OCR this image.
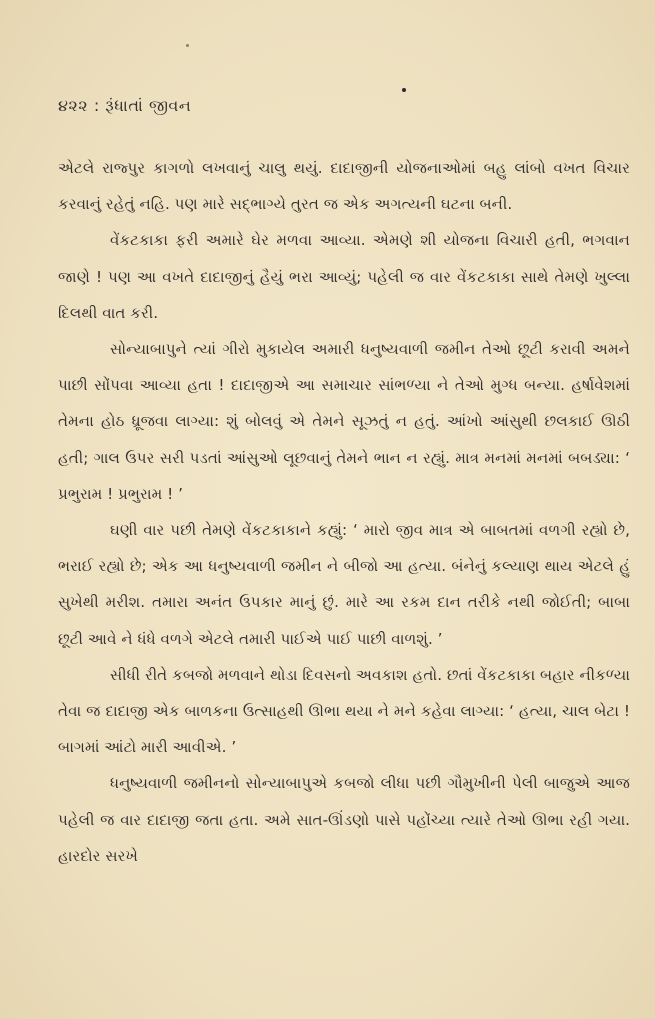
૪૨૨ : રૂંધાતાં જીવન

એટલે રાજ્પુર કાગળો લખવાનું ચાલુ થયું. દાદાજીની યોજનાઓમાં બહુ લાંબો વખત વિચાર કરવાનું રહેતું નહિ. પણ મારે સદ્ભાગ્યે તુરત જ એક અગત્યની ઘટના બની.

વેંકટકાકા ફરી અમારે ઘેર મળવા આવ્યા. એમણે શી યોજના વિચારી હતી, ભગવાન જાણે ! પણ આ વખતે દાદાજીનું હૈયું ભરા આવ્યું; પહેલી જ વાર વેંકટકાકા સાથે તેમણે ખુલ્લા દિલથી વાત કરી.

સોન્યાબાપુને ત્યાં ગીરો મુકાયેલ અમારી ધનુષ્યવાળી જમીન તેઓ છૂટી કરાવી અમને પાછી સોંપવા આવ્યા હતા ! દાદાજીએ આ સમાચાર સાંભળ્યા ને તેઓ મુગ્ધ બન્યા. હર્ષાવેશમાં તેમના હોઠ ધ્રૂજવા લાગ્યા: શું બોલવું એ તેમને સૂઝતું ન હતું. આંખો આંસુથી છલકાઈ ઊઠી હતી; ગાલ ઉપર સરી પડતાં આંસુઓ લૂછવાનું તેમને ભાન ન રહ્યું. માત્ર મનમાં મનમાં બબડ્યા: ‘ પ્રભુરામ ! પ્રભુરામ ! ’

ઘણી વાર પછી તેમણે વેંકટકાકાને કહ્યું: ‘ મારો જીવ માત્ર એ બાબતમાં વળગી રહ્યો છે, ભરાઈ રહ્યો છે; એક આ ધનુષ્યવાળી જમીન ને બીજો આ હત્યા. બંનેનું કલ્યાણ થાય એટલે હું સુખેથી મરીશ. તમારા અનંત ઉપકાર માનું છું. મારે આ રકમ દાન તરીકે નથી જોઈતી; બાબા છૂટી આવે ને ધંધે વળગે એટલે તમારી પાઈએ પાઈ પાછી વાળશું. ’

સીધી રીતે કબજો મળવાને થોડા દિવસનો અવકાશ હતો. છતાં વેંકટકાકા બહાર નીકળ્યા તેવા જ દાદાજી એક બાળકના ઉત્સાહથી ઊભા થયા ને મને કહેવા લાગ્યા: ‘ હત્યા, ચાલ બેટા ! બાગમાં આંટો મારી આવીએ. ’

ધનુષ્યવાળી જમીનનો સોન્યાબાપુએ કબજો લીધા પછી ગૌમુખીની પેલી બાજુએ આજ પહેલી જ વાર દાદાજી જતા હતા. અમે સાત-ઊંડણો પાસે પહોંચ્યા ત્યારે તેઓ ઊભા રહી ગયા. હારદોર સરખે
